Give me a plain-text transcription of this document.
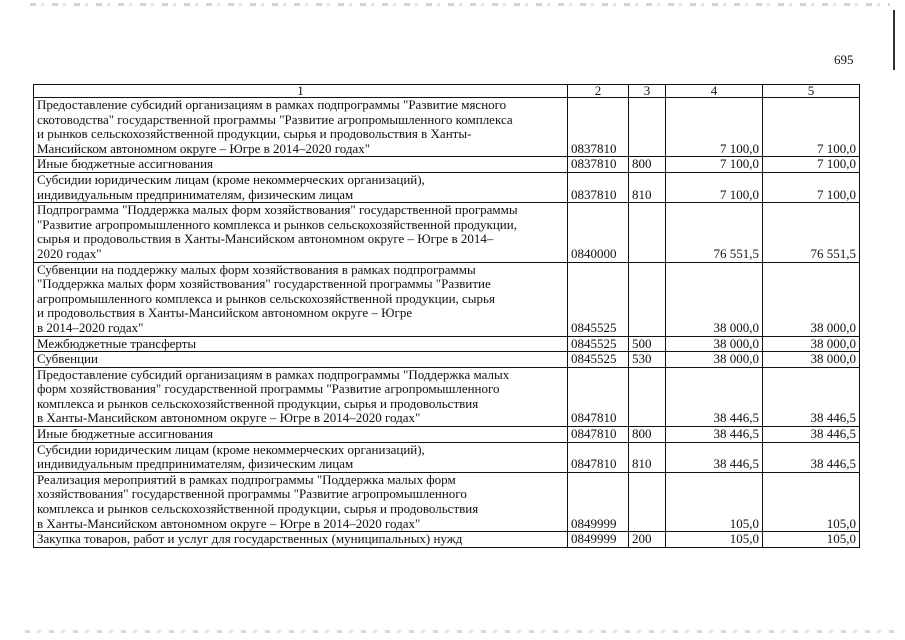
695
1	2	3	4	5
Предоставление субсидий организациям в рамках подпрограммы "Развитие мясного
скотоводства" государственной программы "Развитие агропромышленного комплекса
и рынков сельскохозяйственной продукции, сырья и продовольствия в Ханты-
Мансийском автономном округе – Югре в 2014–2020 годах"	0837810		7 100,0	7 100,0
Иные бюджетные ассигнования	0837810	800	7 100,0	7 100,0
Субсидии юридическим лицам (кроме некоммерческих организаций),
индивидуальным предпринимателям, физическим лицам	0837810	810	7 100,0	7 100,0
Подпрограмма "Поддержка малых форм хозяйствования" государственной программы
"Развитие агропромышленного комплекса и рынков сельскохозяйственной продукции,
сырья и продовольствия в Ханты-Мансийском автономном округе – Югре в 2014–
2020 годах"	0840000		76 551,5	76 551,5
Субвенции на поддержку малых форм хозяйствования в рамках подпрограммы
"Поддержка малых форм хозяйствования" государственной программы "Развитие
агропромышленного комплекса и рынков сельскохозяйственной продукции, сырья
и продовольствия в Ханты-Мансийском автономном округе – Югре
в 2014–2020 годах"	0845525		38 000,0	38 000,0
Межбюджетные трансферты	0845525	500	38 000,0	38 000,0
Субвенции	0845525	530	38 000,0	38 000,0
Предоставление субсидий организациям в рамках подпрограммы "Поддержка малых
форм хозяйствования" государственной программы "Развитие агропромышленного
комплекса и рынков сельскохозяйственной продукции, сырья и продовольствия
в Ханты-Мансийском автономном округе – Югре в 2014–2020 годах"	0847810		38 446,5	38 446,5
Иные бюджетные ассигнования	0847810	800	38 446,5	38 446,5
Субсидии юридическим лицам (кроме некоммерческих организаций),
индивидуальным предпринимателям, физическим лицам	0847810	810	38 446,5	38 446,5
Реализация мероприятий в рамках подпрограммы "Поддержка малых форм
хозяйствования" государственной программы "Развитие агропромышленного
комплекса и рынков сельскохозяйственной продукции, сырья и продовольствия
в Ханты-Мансийском автономном округе – Югре в 2014–2020 годах"	0849999		105,0	105,0
Закупка товаров, работ и услуг для государственных (муниципальных) нужд	0849999	200	105,0	105,0
